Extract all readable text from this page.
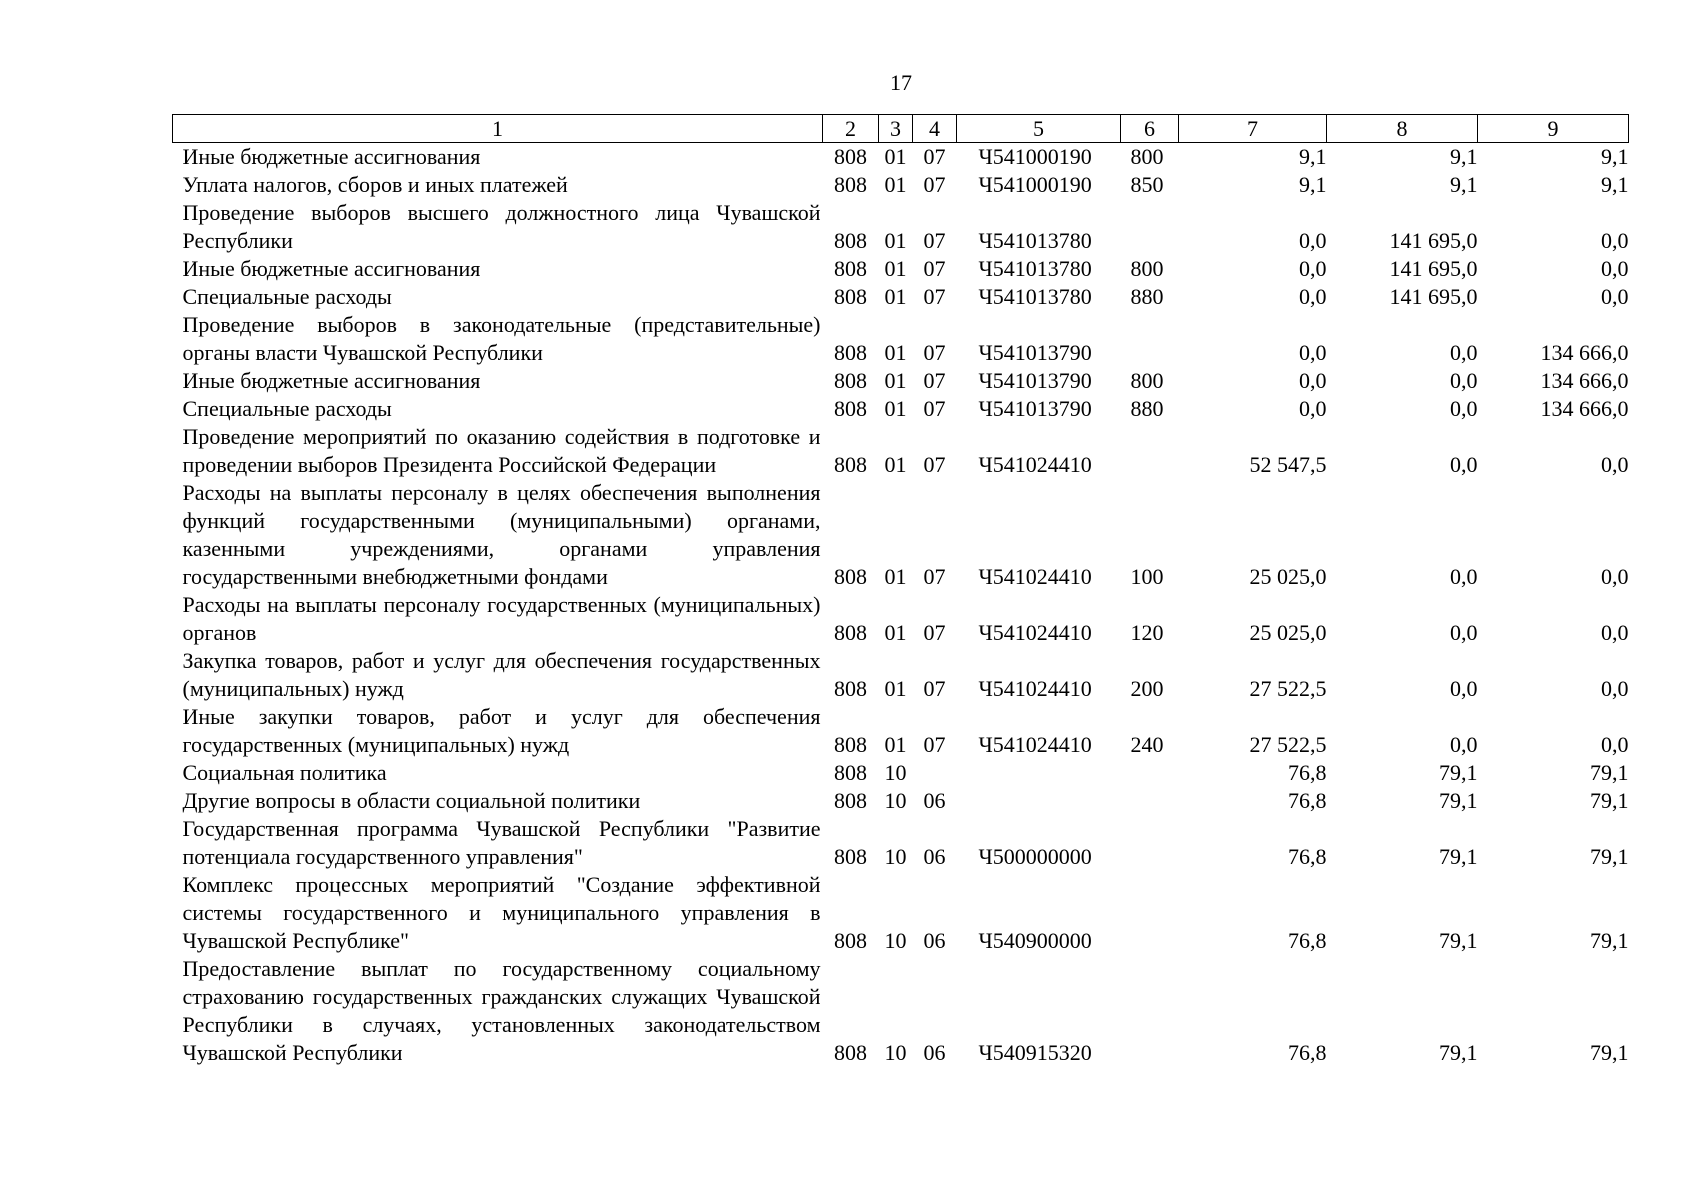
17
1	2	3	4	5	6	7	8	9
Иные бюджетные ассигнования	808	01	07	Ч541000190	800	9,1	9,1	9,1
Уплата налогов, сборов и иных платежей	808	01	07	Ч541000190	850	9,1	9,1	9,1
Проведение выборов высшего должностного лица Чувашской Республики	808	01	07	Ч541013780		0,0	141 695,0	0,0
Иные бюджетные ассигнования	808	01	07	Ч541013780	800	0,0	141 695,0	0,0
Специальные расходы	808	01	07	Ч541013780	880	0,0	141 695,0	0,0
Проведение выборов в законодательные (представительные) органы власти Чувашской Республики	808	01	07	Ч541013790		0,0	0,0	134 666,0
Иные бюджетные ассигнования	808	01	07	Ч541013790	800	0,0	0,0	134 666,0
Специальные расходы	808	01	07	Ч541013790	880	0,0	0,0	134 666,0
Проведение мероприятий по оказанию содействия в подготовке и проведении выборов Президента Российской Федерации	808	01	07	Ч541024410		52 547,5	0,0	0,0
Расходы на выплаты персоналу в целях обеспечения выполнения функций государственными (муниципальными) органами, казенными учреждениями, органами управления государственными внебюджетными фондами	808	01	07	Ч541024410	100	25 025,0	0,0	0,0
Расходы на выплаты персоналу государственных (муниципальных) органов	808	01	07	Ч541024410	120	25 025,0	0,0	0,0
Закупка товаров, работ и услуг для обеспечения государственных (муниципальных) нужд	808	01	07	Ч541024410	200	27 522,5	0,0	0,0
Иные закупки товаров, работ и услуг для обеспечения государственных (муниципальных) нужд	808	01	07	Ч541024410	240	27 522,5	0,0	0,0
Социальная политика	808	10				76,8	79,1	79,1
Другие вопросы в области социальной политики	808	10	06			76,8	79,1	79,1
Государственная программа Чувашской Республики "Развитие потенциала государственного управления"	808	10	06	Ч500000000		76,8	79,1	79,1
Комплекс процессных мероприятий "Создание эффективной системы государственного и муниципального управления в Чувашской Республике"	808	10	06	Ч540900000		76,8	79,1	79,1
Предоставление выплат по государственному социальному страхованию государственных гражданских служащих Чувашской Республики в случаях, установленных законодательством Чувашской Республики	808	10	06	Ч540915320		76,8	79,1	79,1
